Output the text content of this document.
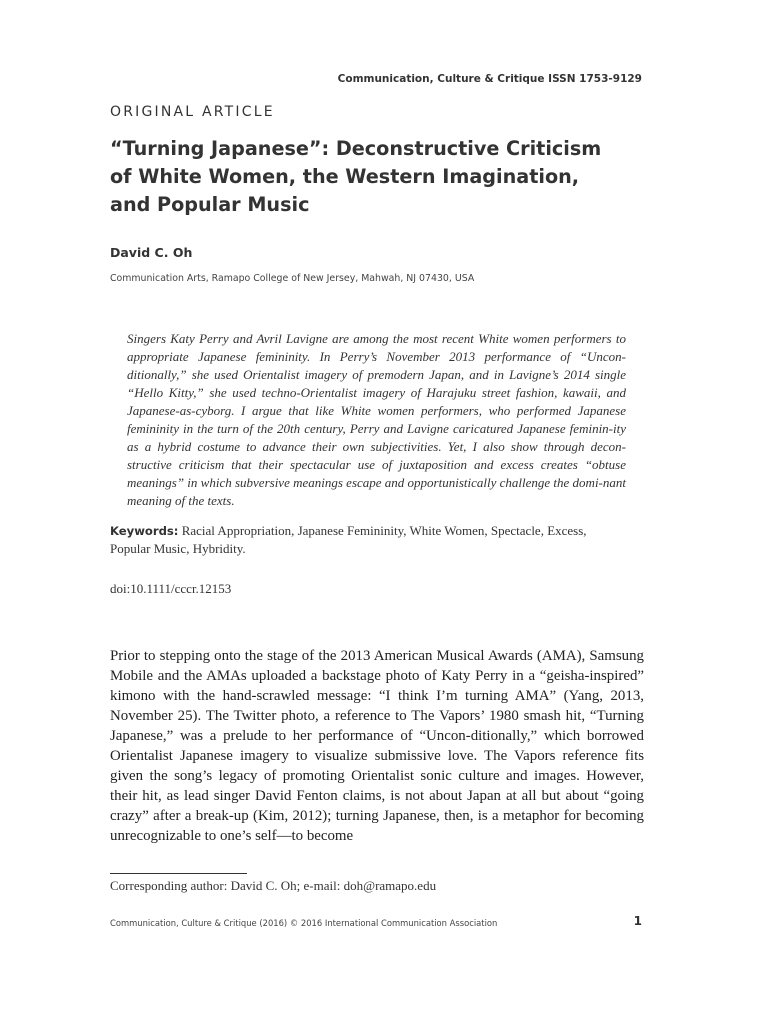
Communication, Culture & Critique ISSN 1753-9129
ORIGINAL ARTICLE
“Turning Japanese”: Deconstructive Criticism
of White Women, the Western Imagination,
and Popular Music
David C. Oh
Communication Arts, Ramapo College of New Jersey, Mahwah, NJ 07430, USA

Singers Katy Perry and Avril Lavigne are among the most recent White women performers to appropriate Japanese femininity. In Perry’s November 2013 performance of “Uncon-ditionally,” she used Orientalist imagery of premodern Japan, and in Lavigne’s 2014 single “Hello Kitty,” she used techno-Orientalist imagery of Harajuku street fashion, kawaii, and Japanese-as-cyborg. I argue that like White women performers, who performed Japanese femininity in the turn of the 20th century, Perry and Lavigne caricatured Japanese feminin-ity as a hybrid costume to advance their own subjectivities. Yet, I also show through decon-structive criticism that their spectacular use of juxtaposition and excess creates “obtuse meanings” in which subversive meanings escape and opportunistically challenge the domi-nant meaning of the texts.

Keywords: Racial Appropriation, Japanese Femininity, White Women, Spectacle, Excess, Popular Music, Hybridity.

doi:10.1111/cccr.12153

Prior to stepping onto the stage of the 2013 American Musical Awards (AMA), Samsung Mobile and the AMAs uploaded a backstage photo of Katy Perry in a “geisha-inspired” kimono with the hand-scrawled message: “I think I’m turning AMA” (Yang, 2013, November 25). The Twitter photo, a reference to The Vapors’ 1980 smash hit, “Turning Japanese,” was a prelude to her performance of “Uncon-ditionally,” which borrowed Orientalist Japanese imagery to visualize submissive love. The Vapors reference fits given the song’s legacy of promoting Orientalist sonic culture and images. However, their hit, as lead singer David Fenton claims, is not about Japan at all but about “going crazy” after a break-up (Kim, 2012); turning Japanese, then, is a metaphor for becoming unrecognizable to one’s self—to become

Corresponding author: David C. Oh; e-mail: doh@ramapo.edu
Communication, Culture & Critique (2016) © 2016 International Communication Association	1
